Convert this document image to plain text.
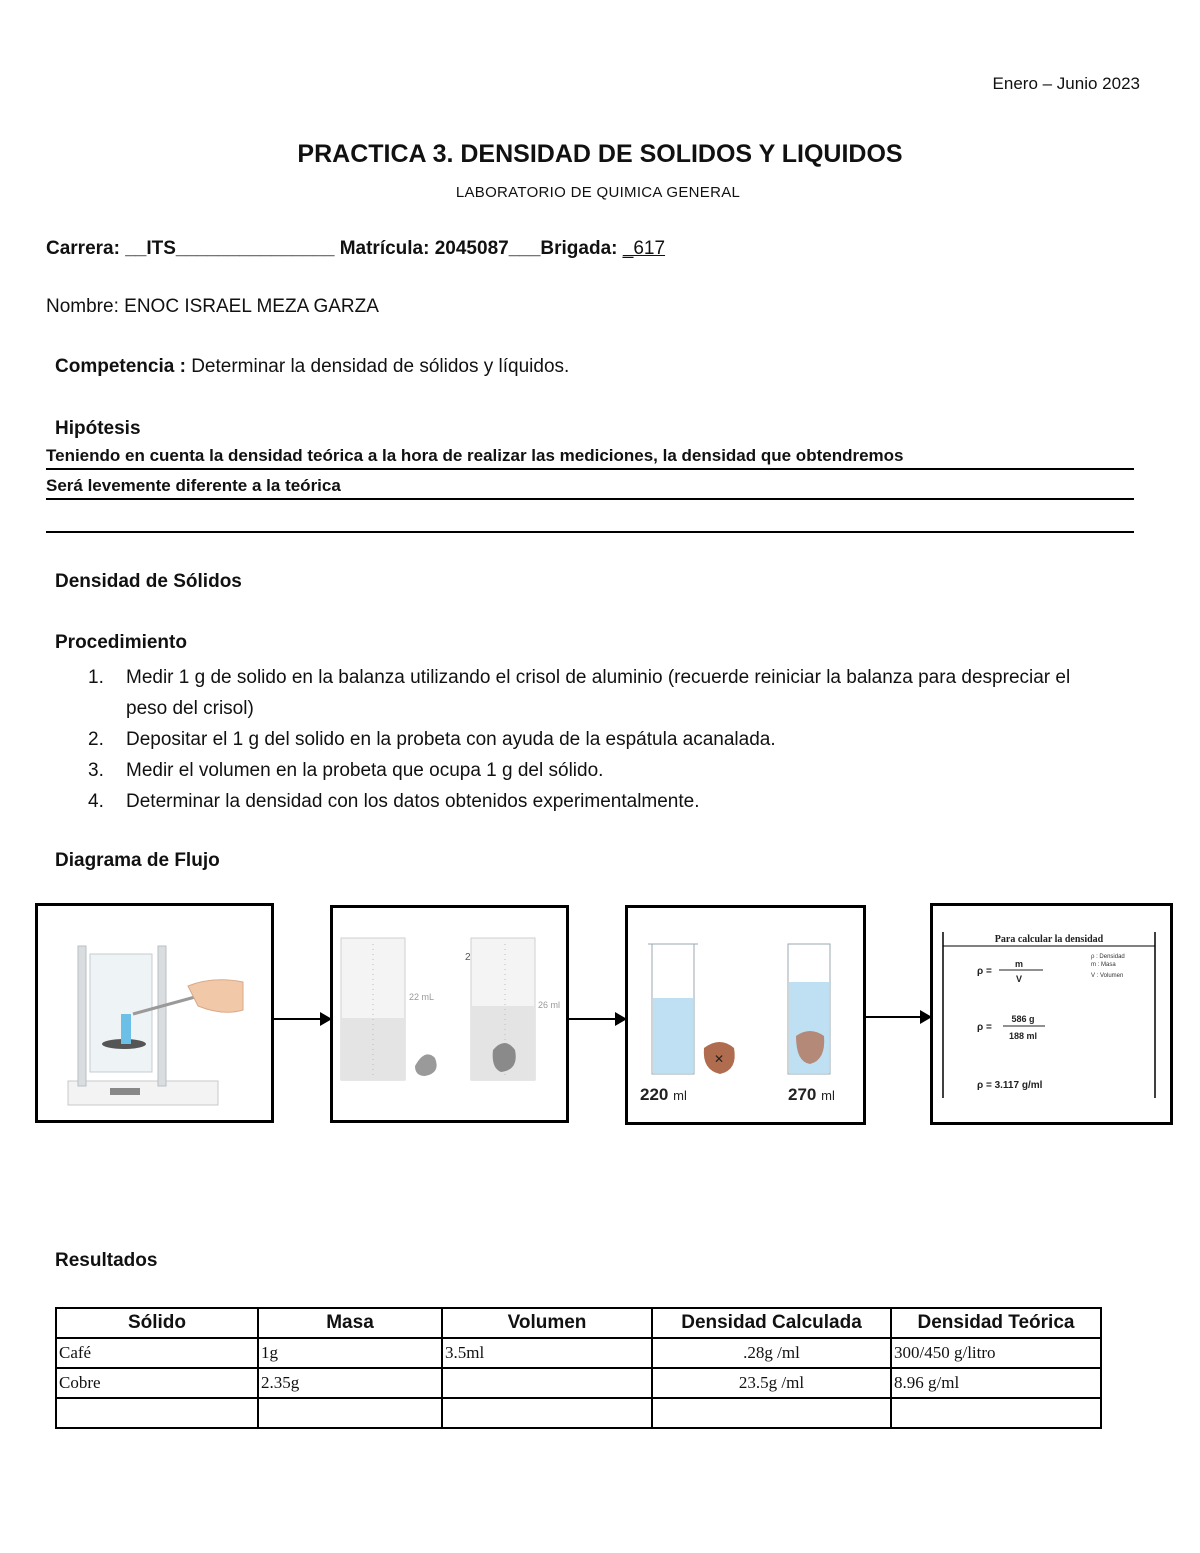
Enero – Junio 2023
PRACTICA 3. DENSIDAD DE SOLIDOS Y LIQUIDOS
LABORATORIO DE QUIMICA GENERAL
Carrera: __ITS_______________ Matrícula: 2045087___Brigada: _617
Nombre: ENOC ISRAEL MEZA GARZA
Competencia : Determinar la densidad de sólidos y líquidos.
Hipótesis
Teniendo en cuenta la densidad teórica a la hora de realizar las mediciones, la densidad que obtendremos
Será levemente diferente a la teórica
Densidad de Sólidos
Procedimiento
1. Medir 1 g de solido en la balanza utilizando el crisol de aluminio (recuerde reiniciar la balanza para despreciar el peso del crisol)
2. Depositar el 1 g del solido en la probeta con ayuda de la espátula acanalada.
3. Medir el volumen en la probeta que ocupa 1 g del sólido.
4. Determinar la densidad con los datos obtenidos experimentalmente.
Diagrama de Flujo
22 mL
2
26 ml
✕
220 ml	270 ml
Para calcular la densidad
ρ =
m
V
ρ : Densidad
m : Masa
V : Volumen
ρ =
586 g
188 ml
ρ = 3.117 g/ml
Resultados
Sólido	Masa	Volumen	Densidad Calculada	Densidad Teórica
Café	1g	3.5ml	.28g /ml	300/450 g/litro
Cobre	2.35g		23.5g /ml	8.96 g/ml
